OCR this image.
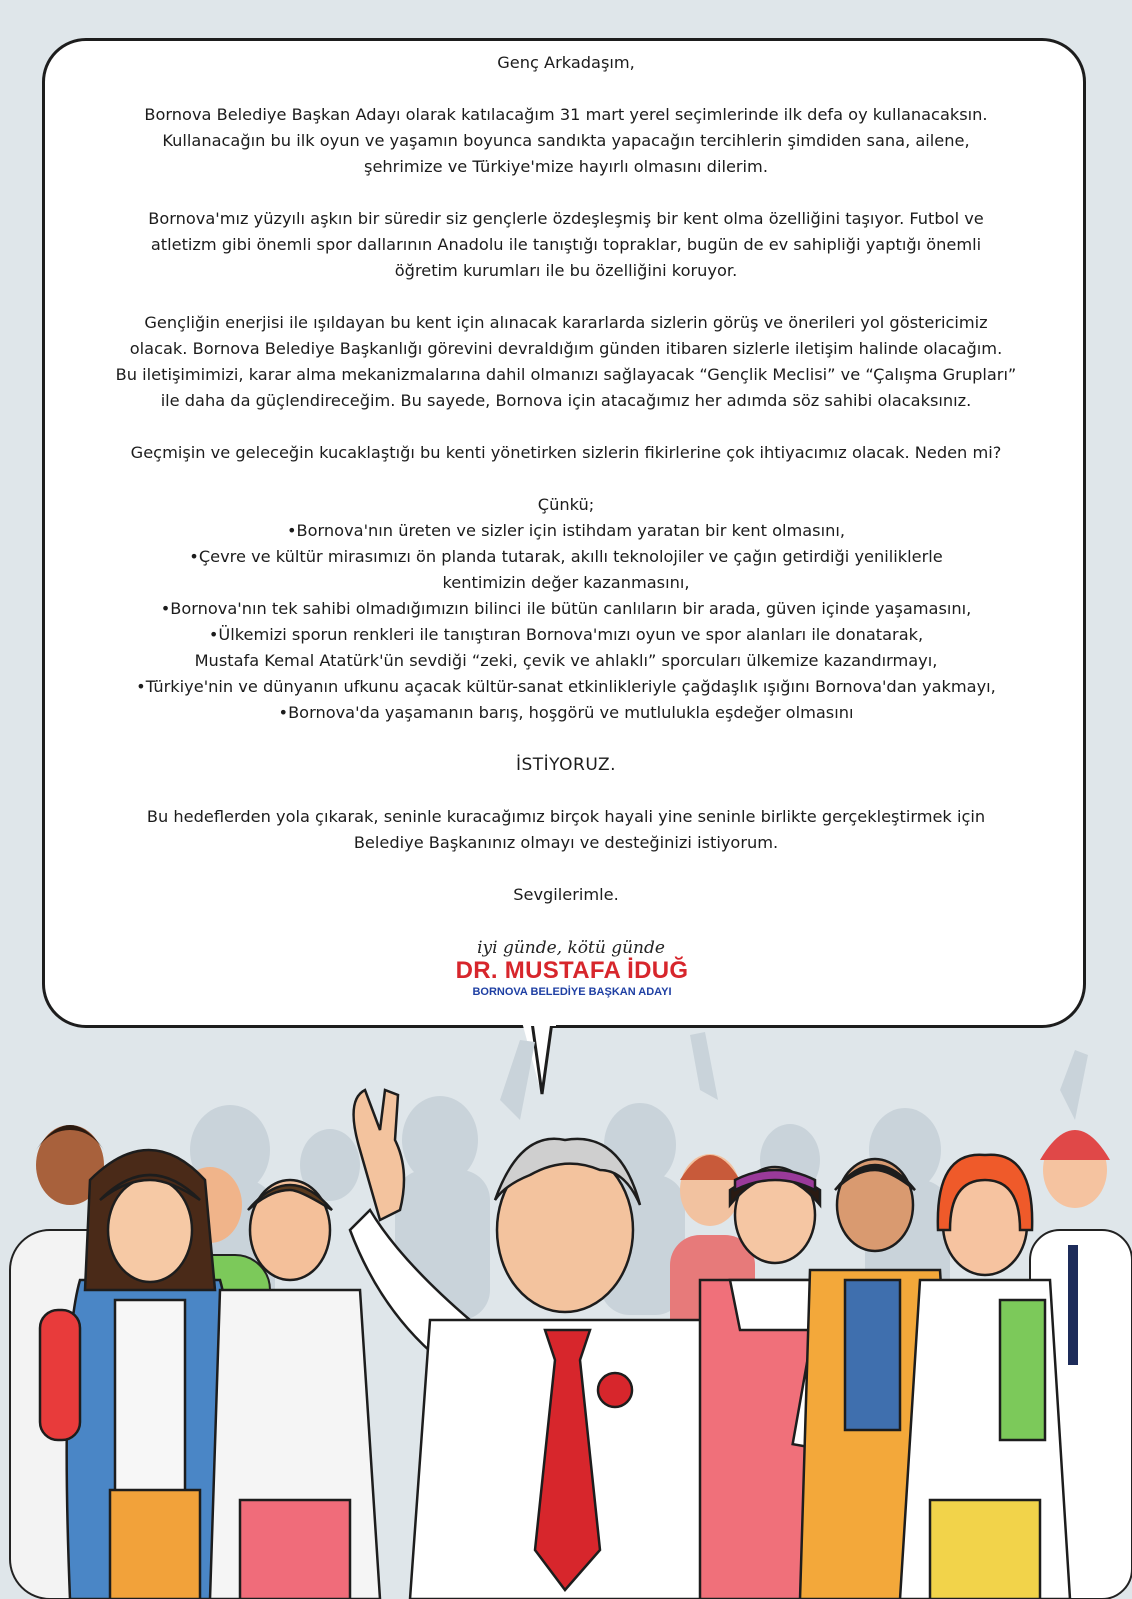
Genç Arkadaşım,

Bornova Belediye Başkan Adayı olarak katılacağım 31 mart yerel seçimlerinde ilk defa oy kullanacaksın.
Kullanacağın bu ilk oyun ve yaşamın boyunca sandıkta yapacağın tercihlerin şimdiden sana, ailene,
şehrimize ve Türkiye'mize hayırlı olmasını dilerim.

Bornova'mız yüzyılı aşkın bir süredir siz gençlerle özdeşleşmiş bir kent olma özelliğini taşıyor. Futbol ve
atletizm gibi önemli spor dallarının Anadolu ile tanıştığı topraklar, bugün de ev sahipliği yaptığı önemli
öğretim kurumları ile bu özelliğini koruyor.

Gençliğin enerjisi ile ışıldayan bu kent için alınacak kararlarda sizlerin görüş ve önerileri yol göstericimiz
olacak. Bornova Belediye Başkanlığı görevini devraldığım günden itibaren sizlerle iletişim halinde olacağım.
Bu iletişimimizi, karar alma mekanizmalarına dahil olmanızı sağlayacak “Gençlik Meclisi” ve “Çalışma Grupları”
ile daha da güçlendireceğim. Bu sayede, Bornova için atacağımız her adımda söz sahibi olacaksınız.

Geçmişin ve geleceğin kucaklaştığı bu kenti yönetirken sizlerin fikirlerine çok ihtiyacımız olacak. Neden mi?

Çünkü;

•Bornova'nın üreten ve sizler için istihdam yaratan bir kent olmasını,
•Çevre ve kültür mirasımızı ön planda tutarak, akıllı teknolojiler ve çağın getirdiği yeniliklerle
kentimizin değer kazanmasını,
•Bornova'nın tek sahibi olmadığımızın bilinci ile bütün canlıların bir arada, güven içinde yaşamasını,
•Ülkemizi sporun renkleri ile tanıştıran Bornova'mızı oyun ve spor alanları ile donatarak,
Mustafa Kemal Atatürk'ün sevdiği “zeki, çevik ve ahlaklı” sporcuları ülkemize kazandırmayı,
•Türkiye'nin ve dünyanın ufkunu açacak kültür-sanat etkinlikleriyle çağdaşlık ışığını Bornova'dan yakmayı,
•Bornova'da yaşamanın barış, hoşgörü ve mutlulukla eşdeğer olmasını

İSTİYORUZ.

Bu hedeflerden yola çıkarak, seninle kuracağımız birçok hayali yine seninle birlikte gerçekleştirmek için
Belediye Başkanınız olmayı ve desteğinizi istiyorum.

Sevgilerimle.

iyi günde, kötü günde
DR. MUSTAFA İDUĞ
BORNOVA BELEDİYE BAŞKAN ADAYI
